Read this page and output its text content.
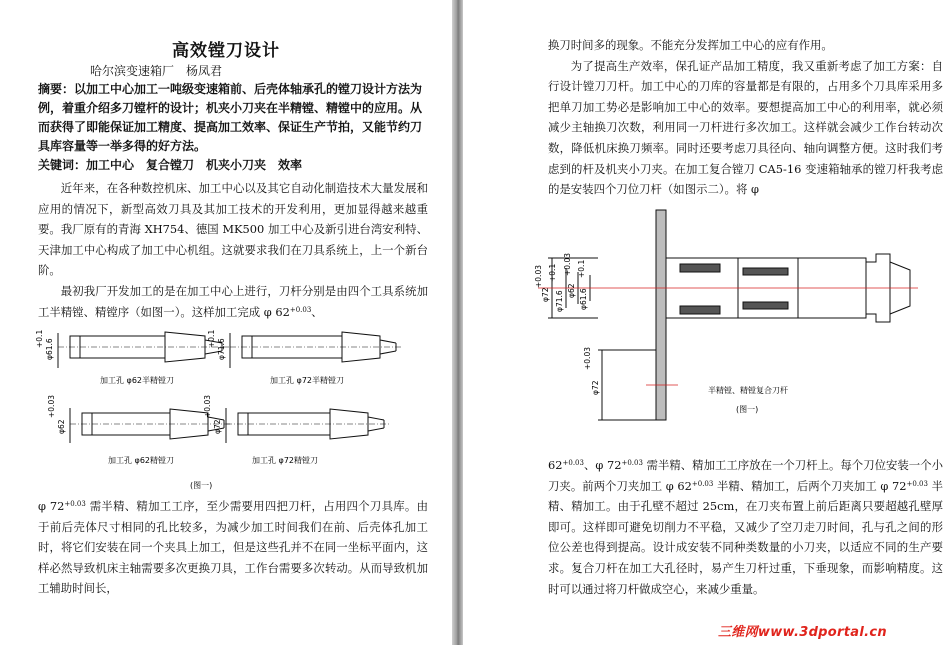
高效镗刀设计
哈尔滨变速箱厂　杨凤君

摘要：以加工中心加工一吨级变速箱前、后壳体轴承孔的镗刀设计方法为例，着重介绍多刀镗杆的设计；机夹小刀夹在半精镗、精镗中的应用。从而获得了即能保证加工精度、提高加工效率、保证生产节拍，又能节约刀具库容量等一举多得的好方法。

关键词：加工中心　复合镗刀　机夹小刀夹　效率

近年来，在各种数控机床、加工中心以及其它自动化制造技术大量发展和应用的情况下，新型高效刀具及其加工技术的开发利用，更加显得越来越重要。我厂原有的青海 XH754、德国 MK500 加工中心及新引进台湾安利特、天津加工中心构成了加工中心机组。这就要求我们在刀具系统上，上一个新台阶。

最初我厂开发加工的是在加工中心上进行，刀杆分别是由四个工具系统加工半精镗、精镗序（如图一）。这样加工完成 φ $62^{+0.03}$、

φ61.6
+0.1
加工孔 φ62半精镗刀
φ71.6
+0.1
加工孔 φ72半精镗刀
φ62
+0.03
加工孔 φ62精镗刀
φ72
+0.03
加工孔 φ72精镗刀
(图一)

φ $72^{+0.03}$ 需半精、精加工工序，至少需要用四把刀杆，占用四个刀具库。由于前后壳体尺寸相同的孔比较多，为减少加工时间我们在前、后壳体孔加工时，将它们安装在同一个夹具上加工，但是这些孔并不在同一坐标平面内，这样必然导致机床主轴需要多次更换刀具，工作台需要多次转动。从而导致机加工辅助时间长，

换刀时间多的现象。不能充分发挥加工中心的应有作用。

为了提高生产效率，保孔证产品加工精度，我又重新考虑了加工方案：自行设计镗刀刀杆。加工中心的刀库的容量都是有限的，占用多个刀具库采用多把单刀加工势必是影响加工中心的效率。要想提高加工中心的利用率，就必须减少主轴换刀次数，利用同一刀杆进行多次加工。这样就会减少工作台转动次数，降低机床换刀频率。同时还要考虑刀具径向、轴向调整方便。这时我们考虑到的杆及机夹小刀夹。在加工复合镗刀 CA5-16 变速箱轴承的镗刀杆我考虑的是安装四个刀位刀杆（如图示二）。将 φ

φ72
+0.03
φ71.6
+0.1
φ62
+0.03
φ61.6
+0.1
φ72
+0.03
半精镗、精镗复合刀杆
(图一)

$62^{+0.03}$、φ $72^{+0.03}$ 需半精、精加工工序放在一个刀杆上。每个刀位安装一个小刀夹。前两个刀夹加工 φ $62^{+0.03}$ 半精、精加工，后两个刀夹加工 φ $72^{+0.03}$ 半精、精加工。由于孔壁不超过 25cm，在刀夹布置上前后距离只要超越孔壁厚即可。这样即可避免切削力不平稳，又减少了空刀走刀时间，孔与孔之间的形位公差也得到提高。设计成安装不同种类数量的小刀夹，以适应不同的生产要求。复合刀杆在加工大孔径时，易产生刀杆过重，下垂现象，而影响精度。这时可以通过将刀杆做成空心，来减少重量。

三维网www.3dportal.cn
